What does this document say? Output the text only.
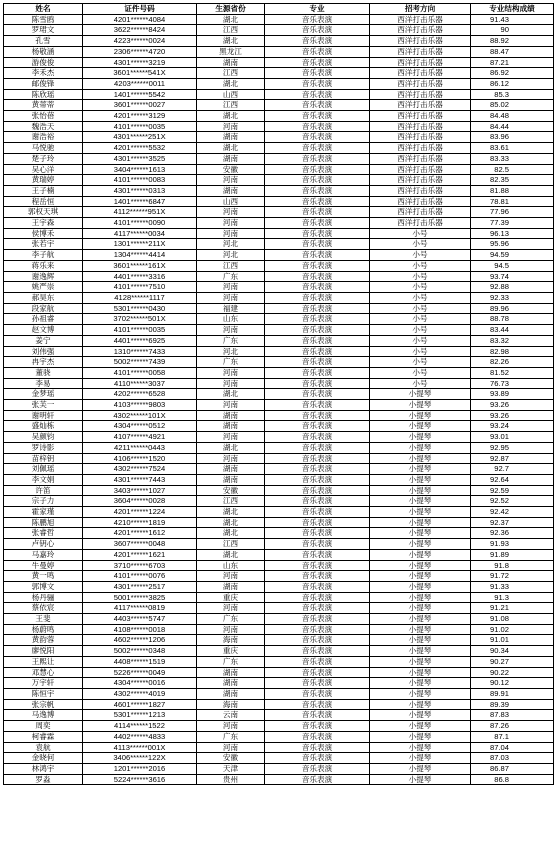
姓名	证件号码	生源省份	专业	招考方向	专业结构成绩
陈雪鸥	4201******4084	湖北	音乐表演	西洋打击乐器	91.43
罗珺文	3622******8424	江西	音乐表演	西洋打击乐器	90
孔雪	4223******0024	湖北	音乐表演	西洋打击乐器	88.92
杨敬涵	2306******4720	黑龙江	音乐表演	西洋打击乐器	88.47
游俊俊	4301******3219	湖南	音乐表演	西洋打击乐器	87.21
李禾杰	3601******541X	江西	音乐表演	西洋打击乐器	86.92
邮俊锋	4203******0011	湖北	音乐表演	西洋打击乐器	86.12
陈欣瑶	1401******5542	山西	音乐表演	西洋打击乐器	85.3
黄蒂蒂	3601******0027	江西	音乐表演	西洋打击乐器	85.02
张怡蓓	4201******3129	湖北	音乐表演	西洋打击乐器	84.48
魏浩天	4101******0035	河南	音乐表演	西洋打击乐器	84.44
谢浩裕	4301******251X	湖南	音乐表演	西洋打击乐器	83.96
马悦驰	4201******5532	湖北	音乐表演	西洋打击乐器	83.61
楚子玲	4301******3525	湖南	音乐表演	西洋打击乐器	83.33
吴心洋	3404******1613	安徽	音乐表演	西洋打击乐器	82.5
黄瑞婷	4101******0083	河南	音乐表演	西洋打击乐器	82.35
王子楠	4301******0313	湖南	音乐表演	西洋打击乐器	81.88
程岳恒	1401******6847	山西	音乐表演	西洋打击乐器	78.81
郭权天琪	4112******951X	河南	音乐表演	西洋打击乐器	77.96
王宇森	4101******0090	河南	音乐表演	西洋打击乐器	77.39
侯博禾	4117******0034	河南	音乐表演	小号	96.13
张若宇	1301******211X	河北	音乐表演	小号	95.96
李子航	1304******4414	河北	音乐表演	小号	94.59
蒋乐来	3601******161X	江西	音乐表演	小号	94.5
谢逸辉	4401******3316	广东	音乐表演	小号	93.74
姚严崇	4101******7510	河南	音乐表演	小号	92.88
郝昊东	4128******1117	河南	音乐表演	小号	92.33
段家航	5301******0430	福建	音乐表演	小号	89.96
孙祖睿	3702******501X	山东	音乐表演	小号	88.78
赵文博	4101******0035	河南	音乐表演	小号	83.44
姜宁	4401******6925	广东	音乐表演	小号	83.32
刘伟强	1310******7433	河北	音乐表演	小号	82.98
冉宇杰	5002******7439	广东	音乐表演	小号	82.26
董骁	4101******0058	河南	音乐表演	小号	81.52
李易	4110******3037	河南	音乐表演	小号	76.73
金梦瑶	4202******6528	湖北	音乐表演	小提琴	93.89
张芙一	4103******9803	河南	音乐表演	小提琴	93.26
谢明轩	4302******101X	湖南	音乐表演	小提琴	93.26
盛灿栋	4304******0512	湖南	音乐表演	小提琴	93.24
吴颜钧	4107******4921	河南	音乐表演	小提琴	93.01
罗诗影	4211******0443	湖北	音乐表演	小提琴	92.95
苗梓钥	4106******1520	河南	音乐表演	小提琴	92.87
刘佩瑶	4302******7524	湖南	音乐表演	小提琴	92.7
李文娟	4301******7443	湖南	音乐表演	小提琴	92.64
许笛	3403******1027	安徽	音乐表演	小提琴	92.59
宗子力	3604******0028	江西	音乐表演	小提琴	92.52
霍家瑾	4201******1224	湖北	音乐表演	小提琴	92.42
陈鹏旭	4210******1819	湖北	音乐表演	小提琴	92.37
张睿哲	4201******1612	湖北	音乐表演	小提琴	92.36
卢钥心	3607******0048	江西	音乐表演	小提琴	91.93
马嘉玲	4201******1621	湖北	音乐表演	小提琴	91.89
牛曼婷	3710******6703	山东	音乐表演	小提琴	91.8
黄一鸣	4101******0076	河南	音乐表演	小提琴	91.72
郭博文	4301******2517	湖南	音乐表演	小提琴	91.33
杨丹骊	5001******3825	重庆	音乐表演	小提琴	91.3
蔡依宸	4117******0819	河南	音乐表演	小提琴	91.21
王斐	4403******5747	广东	音乐表演	小提琴	91.08
杨蔚鸣	4108******0018	河南	音乐表演	小提琴	91.02
黄韵蓉	4602******1206	海南	音乐表演	小提琴	91.01
廖悦阳	5002******0348	重庆	音乐表演	小提琴	90.34
王熙让	4408******1519	广东	音乐表演	小提琴	90.27
邓慧心	5226******0049	湖南	音乐表演	小提琴	90.22
万宇轩	4304******0016	湖南	音乐表演	小提琴	90.12
陈恒宇	4302******4019	湖南	音乐表演	小提琴	89.91
张宗帆	4601******1827	海南	音乐表演	小提琴	89.39
马逸博	5301******1213	云南	音乐表演	小提琴	87.83
周奕	4114******1522	河南	音乐表演	小提琴	87.26
柯睿霖	4402******4833	广东	音乐表演	小提琴	87.1
袁航	4113******001X	河南	音乐表演	小提琴	87.04
金晓何	3406******122X	安徽	音乐表演	小提琴	87.03
林鸿宇	1201******2016	天津	音乐表演	小提琴	86.87
罗淼	5224******3616	贵州	音乐表演	小提琴	86.8
